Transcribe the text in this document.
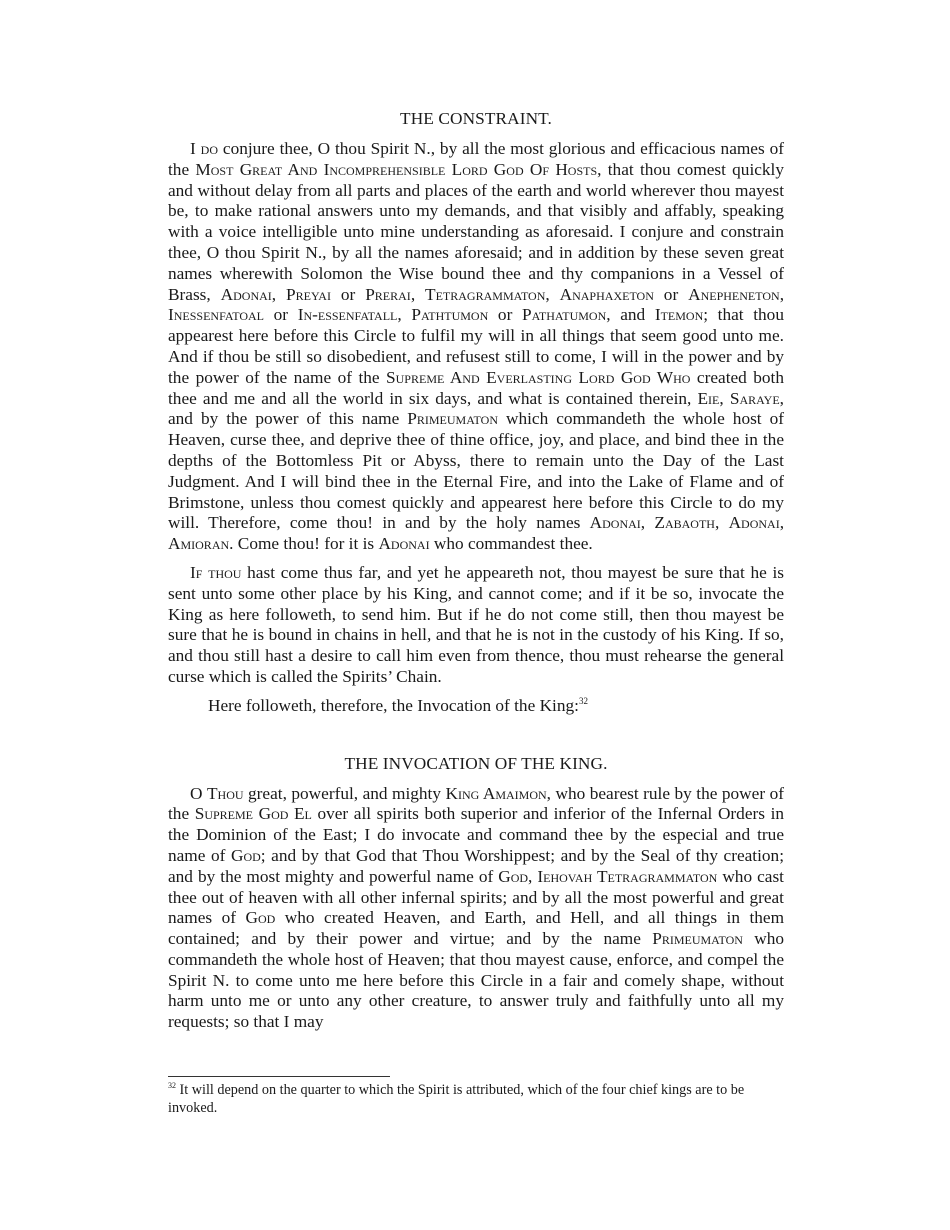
THE CONSTRAINT.

I do conjure thee, O thou Spirit N., by all the most glorious and efficacious names of the Most Great And Incomprehensible Lord God Of Hosts, that thou comest quickly and without delay from all parts and places of the earth and world wherever thou mayest be, to make rational answers unto my demands, and that visibly and affably, speaking with a voice intelligible unto mine understanding as aforesaid. I conjure and constrain thee, O thou Spirit N., by all the names aforesaid; and in addition by these seven great names wherewith Solomon the Wise bound thee and thy companions in a Vessel of Brass, Adonai, Preyai or Prerai, Tetragrammaton, Anaphaxeton or Anepheneton, Inessenfatoal or In-essenfatall, Pathtumon or Pathatumon, and Itemon; that thou appearest here before this Circle to fulfil my will in all things that seem good unto me. And if thou be still so disobedient, and refusest still to come, I will in the power and by the power of the name of the Supreme And Everlasting Lord God Who created both thee and me and all the world in six days, and what is contained therein, Eie, Saraye, and by the power of this name Primeumaton which commandeth the whole host of Heaven, curse thee, and deprive thee of thine office, joy, and place, and bind thee in the depths of the Bottomless Pit or Abyss, there to remain unto the Day of the Last Judgment. And I will bind thee in the Eternal Fire, and into the Lake of Flame and of Brimstone, unless thou comest quickly and appearest here before this Circle to do my will. Therefore, come thou! in and by the holy names Adonai, Zabaoth, Adonai, Amioran. Come thou! for it is Adonai who commandest thee.

If thou hast come thus far, and yet he appeareth not, thou mayest be sure that he is sent unto some other place by his King, and cannot come; and if it be so, invocate the King as here followeth, to send him. But if he do not come still, then thou mayest be sure that he is bound in chains in hell, and that he is not in the custody of his King. If so, and thou still hast a desire to call him even from thence, thou must rehearse the general curse which is called the Spirits’ Chain.

Here followeth, therefore, the Invocation of the King:$^{32}$

THE INVOCATION OF THE KING.

O Thou great, powerful, and mighty King Amaimon, who bearest rule by the power of the Supreme God El over all spirits both superior and inferior of the Infernal Orders in the Dominion of the East; I do invocate and command thee by the especial and true name of God; and by that God that Thou Worshippest; and by the Seal of thy creation; and by the most mighty and powerful name of God, Iehovah Tetragrammaton who cast thee out of heaven with all other infernal spirits; and by all the most powerful and great names of God who created Heaven, and Earth, and Hell, and all things in them contained; and by their power and virtue; and by the name Primeumaton who commandeth the whole host of Heaven; that thou mayest cause, enforce, and compel the Spirit N. to come unto me here before this Circle in a fair and comely shape, without harm unto me or unto any other creature, to answer truly and faithfully unto all my requests; so that I may

$^{32}$ It will depend on the quarter to which the Spirit is attributed, which of the four chief kings are to be invoked.
